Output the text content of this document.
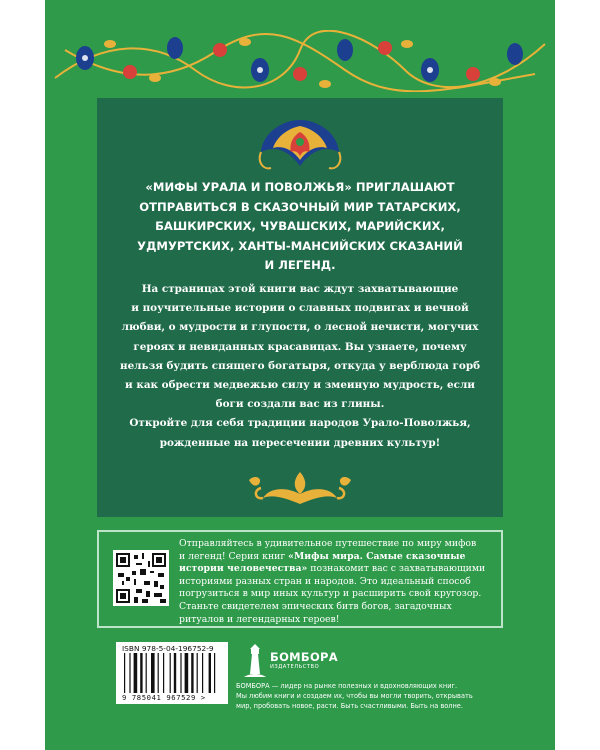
«МИФЫ УРАЛА И ПОВОЛЖЬЯ» ПРИГЛАШАЮТ
ОТПРАВИТЬСЯ В СКАЗОЧНЫЙ МИР ТАТАРСКИХ,
БАШКИРСКИХ, ЧУВАШСКИХ, МАРИЙСКИХ,
УДМУРТСКИХ, ХАНТЫ-МАНСИЙСКИХ СКАЗАНИЙ
И ЛЕГЕНД.
На страницах этой книги вас ждут захватывающие
и поучительные истории о славных подвигах и вечной
любви, о мудрости и глупости, о лесной нечисти, могучих
героях и невиданных красавицах. Вы узнаете, почему
нельзя будить спящего богатыря, откуда у верблюда горб
и как обрести медвежью силу и змеиную мудрость, если
боги создали вас из глины.
Откройте для себя традиции народов Урало-Поволжья,
рожденные на пересечении древних культур!
Отправляйтесь в удивительное путешествие по миру мифов
и легенд! Серия книг «Мифы мира. Самые сказочные
истории человечества» познакомит вас с захватывающими
историями разных стран и народов. Это идеальный способ
погрузиться в мир иных культур и расширить свой кругозор.
Станьте свидетелем эпических битв богов, загадочных
ритуалов и легендарных героев!
ISBN 978-5-04-196752-9
9 785041 967529 >
БОМБОРА
ИЗДАТЕЛЬСТВО
БОМБОРА — лидер на рынке полезных и вдохновляющих книг.
Мы любим книги и создаем их, чтобы вы могли творить, открывать
мир, пробовать новое, расти. Быть счастливыми. Быть на волне.
